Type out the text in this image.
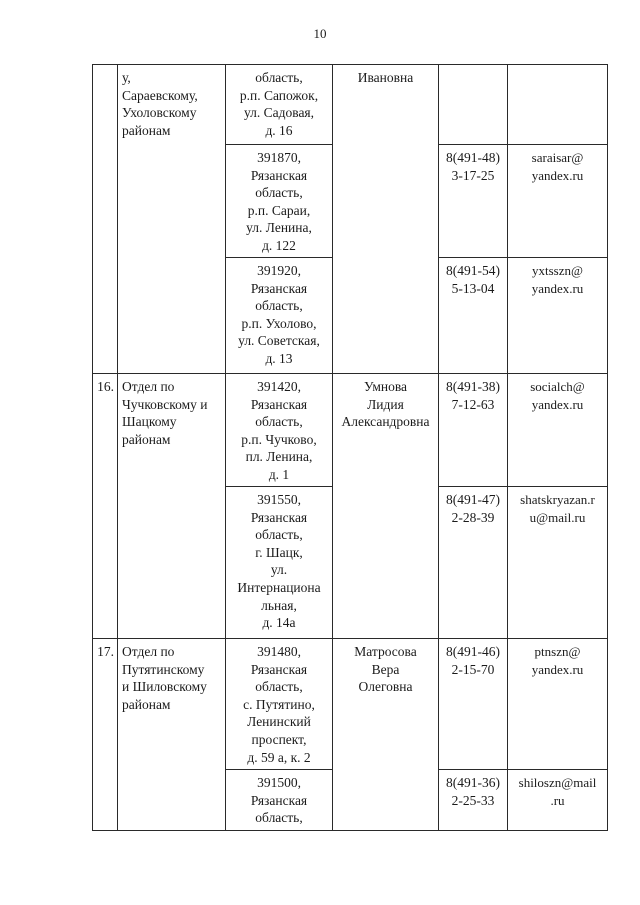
10
у,
Сараевскому,
Ухоловскому
районам
область,
р.п. Сапожок,
ул. Садовая,
д. 16
391870,
Рязанская
область,
р.п. Сараи,
ул. Ленина,
д. 122
391920,
Рязанская
область,
р.п. Ухолово,
ул. Советская,
д. 13
Ивановна
8(491-48)
3-17-25
saraisar@
yandex.ru
8(491-54)
5-13-04
yxtsszn@
yandex.ru
16. Отдел по
Чучковскому и
Шацкому
районам
391420,
Рязанская
область,
р.п. Чучково,
пл. Ленина,
д. 1
391550,
Рязанская
область,
г. Шацк,
ул.
Интернациона
льная,
д. 14а
Умнова
Лидия
Александровна
8(491-38)
7-12-63
socialch@
yandex.ru
8(491-47)
2-28-39
shatskryazan.r
u@mail.ru
17. Отдел по
Путятинскому
и Шиловскому
районам
391480,
Рязанская
область,
с. Путятино,
Ленинский
проспект,
д. 59 а, к. 2
391500,
Рязанская
область,
Матросова
Вера
Олеговна
8(491-46)
2-15-70
ptnszn@
yandex.ru
8(491-36)
2-25-33
shiloszn@mail
.ru
